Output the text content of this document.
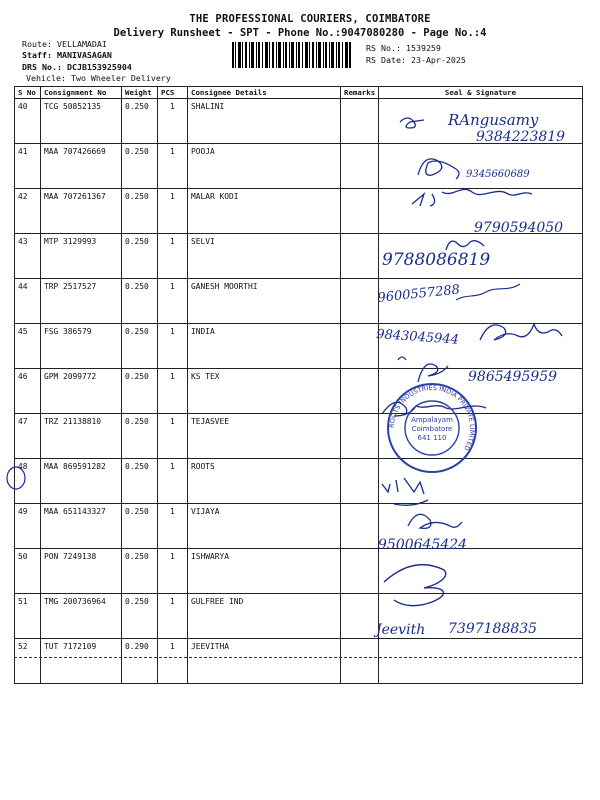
THE PROFESSIONAL COURIERS, COIMBATORE
Delivery Runsheet - SPT - Phone No.:9047080280 - Page No.:4
Route: VELLAMADAI
Staff: MANIVASAGAN
DRS No.: DCJB153925904
Vehicle: Two Wheeler Delivery
RS No.: 1539259
RS Date: 23-Apr-2025
S No	Consignment No	Weight	PCS	Consignee Details	Remarks	Seal & Signature
40	TCG 50852135	0.250	1	SHALINI		
41	MAA 707426669	0.250	1	POOJA		
42	MAA 707261367	0.250	1	MALAR KODI		
43	MTP 3129993	0.250	1	SELVI		
44	TRP 2517527	0.250	1	GANESH MOORTHI		
45	FSG 386579	0.250	1	INDIA		
46	GPM 2099772	0.250	1	KS TEX		
47	TRZ 21138810	0.250	1	TEJASVEE		
48	MAA 869591282	0.250	1	ROOTS		
49	MAA 651143327	0.250	1	VIJAYA		
50	PON 7249138	0.250	1	ISHWARYA		
51	TMG 200736964	0.250	1	GULFREE IND		
52	TUT 7172109	0.290	1	JEEVITHA		
RAngusamy
9384223819
9345660689
9790594050
9788086819
9600557288
9843045944
9865495959
ROOTS INDUSTRIES INDIA PRIVATE LIMITED
Ampalayam
Coimbatore
641 110
9500645424
Jeevith 7397188835
